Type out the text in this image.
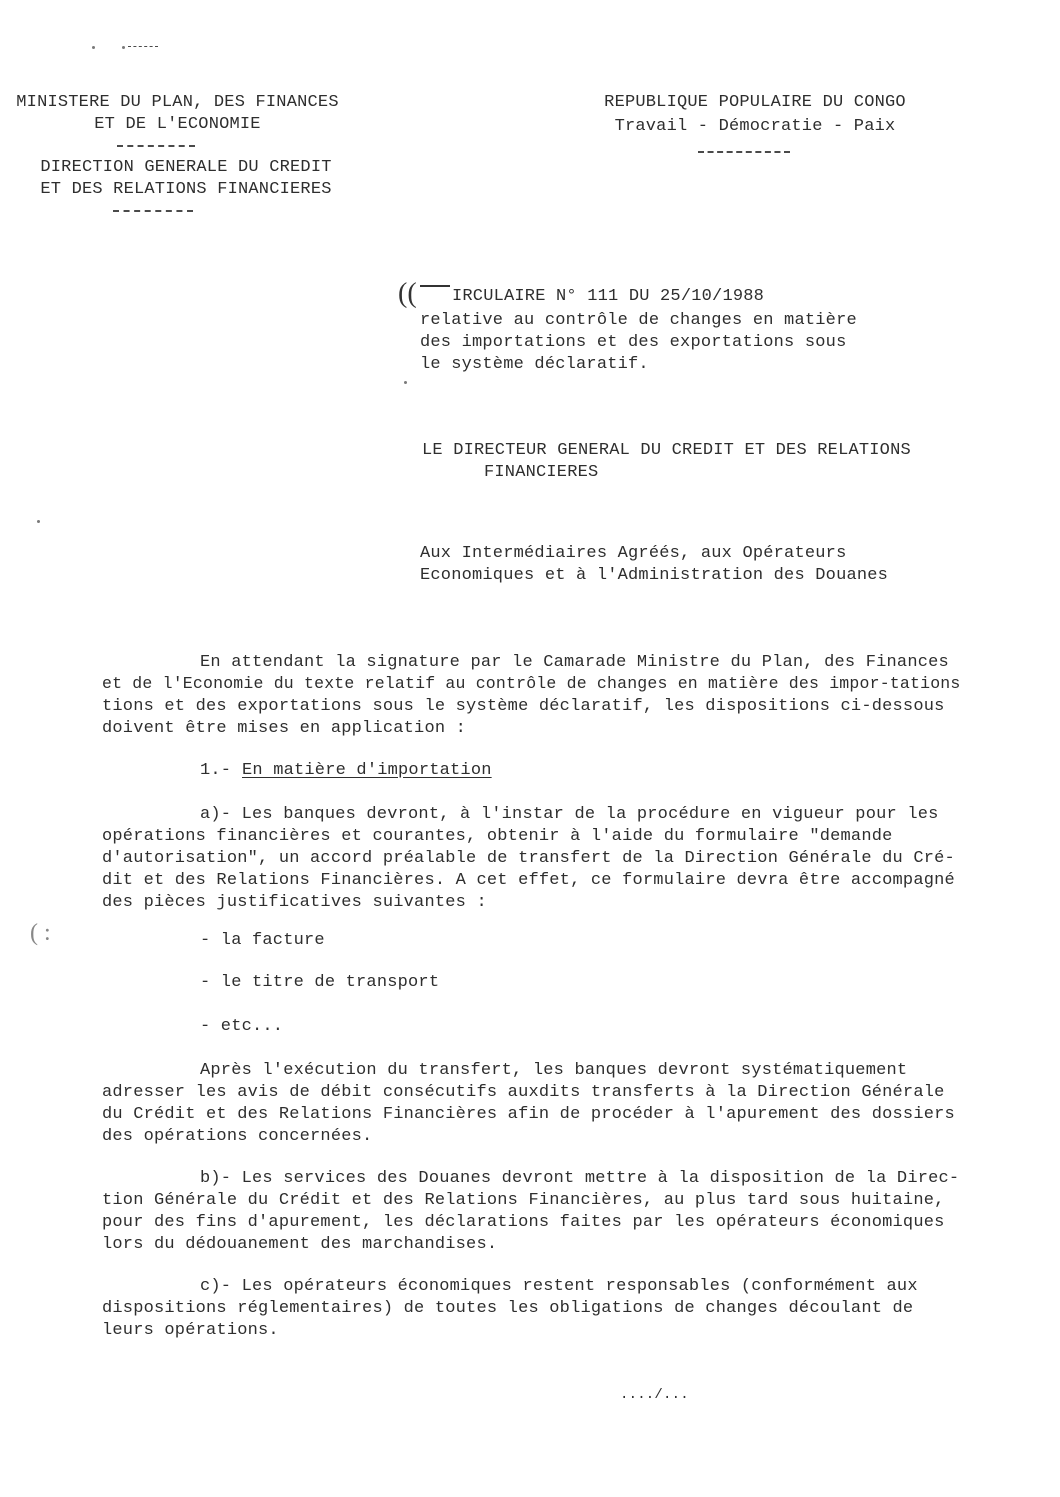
MINISTERE DU PLAN, DES FINANCES
ET DE L'ECONOMIE
DIRECTION GENERALE DU CREDIT
ET DES RELATIONS FINANCIERES
REPUBLIQUE POPULAIRE DU CONGO
Travail - Démocratie - Paix
(( IRCULAIRE N° 111 DU 25/10/1988
relative au contrôle de changes en matière
des importations et des exportations sous
le système déclaratif.
LE DIRECTEUR GENERAL DU CREDIT ET DES RELATIONS
FINANCIERES
Aux Intermédiaires Agréés, aux Opérateurs
Economiques et à l'Administration des Douanes
En attendant la signature par le Camarade Ministre du Plan, des Finances
et de l'Economie du texte relatif au contrôle de changes en matière des impor-tations
tions et des exportations sous le système déclaratif, les dispositions ci-dessous
doivent être mises en application :
1.- En matière d'importation
a)- Les banques devront, à l'instar de la procédure en vigueur pour les
opérations financières et courantes, obtenir à l'aide du formulaire "demande
d'autorisation", un accord préalable de transfert de la Direction Générale du Cré-
dit et des Relations Financières. A cet effet, ce formulaire devra être accompagné
des pièces justificatives suivantes :
( :	- la facture
- le titre de transport
- etc...
Après l'exécution du transfert, les banques devront systématiquement
adresser les avis de débit consécutifs auxdits transferts à la Direction Générale
du Crédit et des Relations Financières afin de procéder à l'apurement des dossiers
des opérations concernées.
b)- Les services des Douanes devront mettre à la disposition de la Direc-
tion Générale du Crédit et des Relations Financières, au plus tard sous huitaine,
pour des fins d'apurement, les déclarations faites par les opérateurs économiques
lors du dédouanement des marchandises.
c)- Les opérateurs économiques restent responsables (conformément aux
dispositions réglementaires) de toutes les obligations de changes découlant de
leurs opérations.
..../...
